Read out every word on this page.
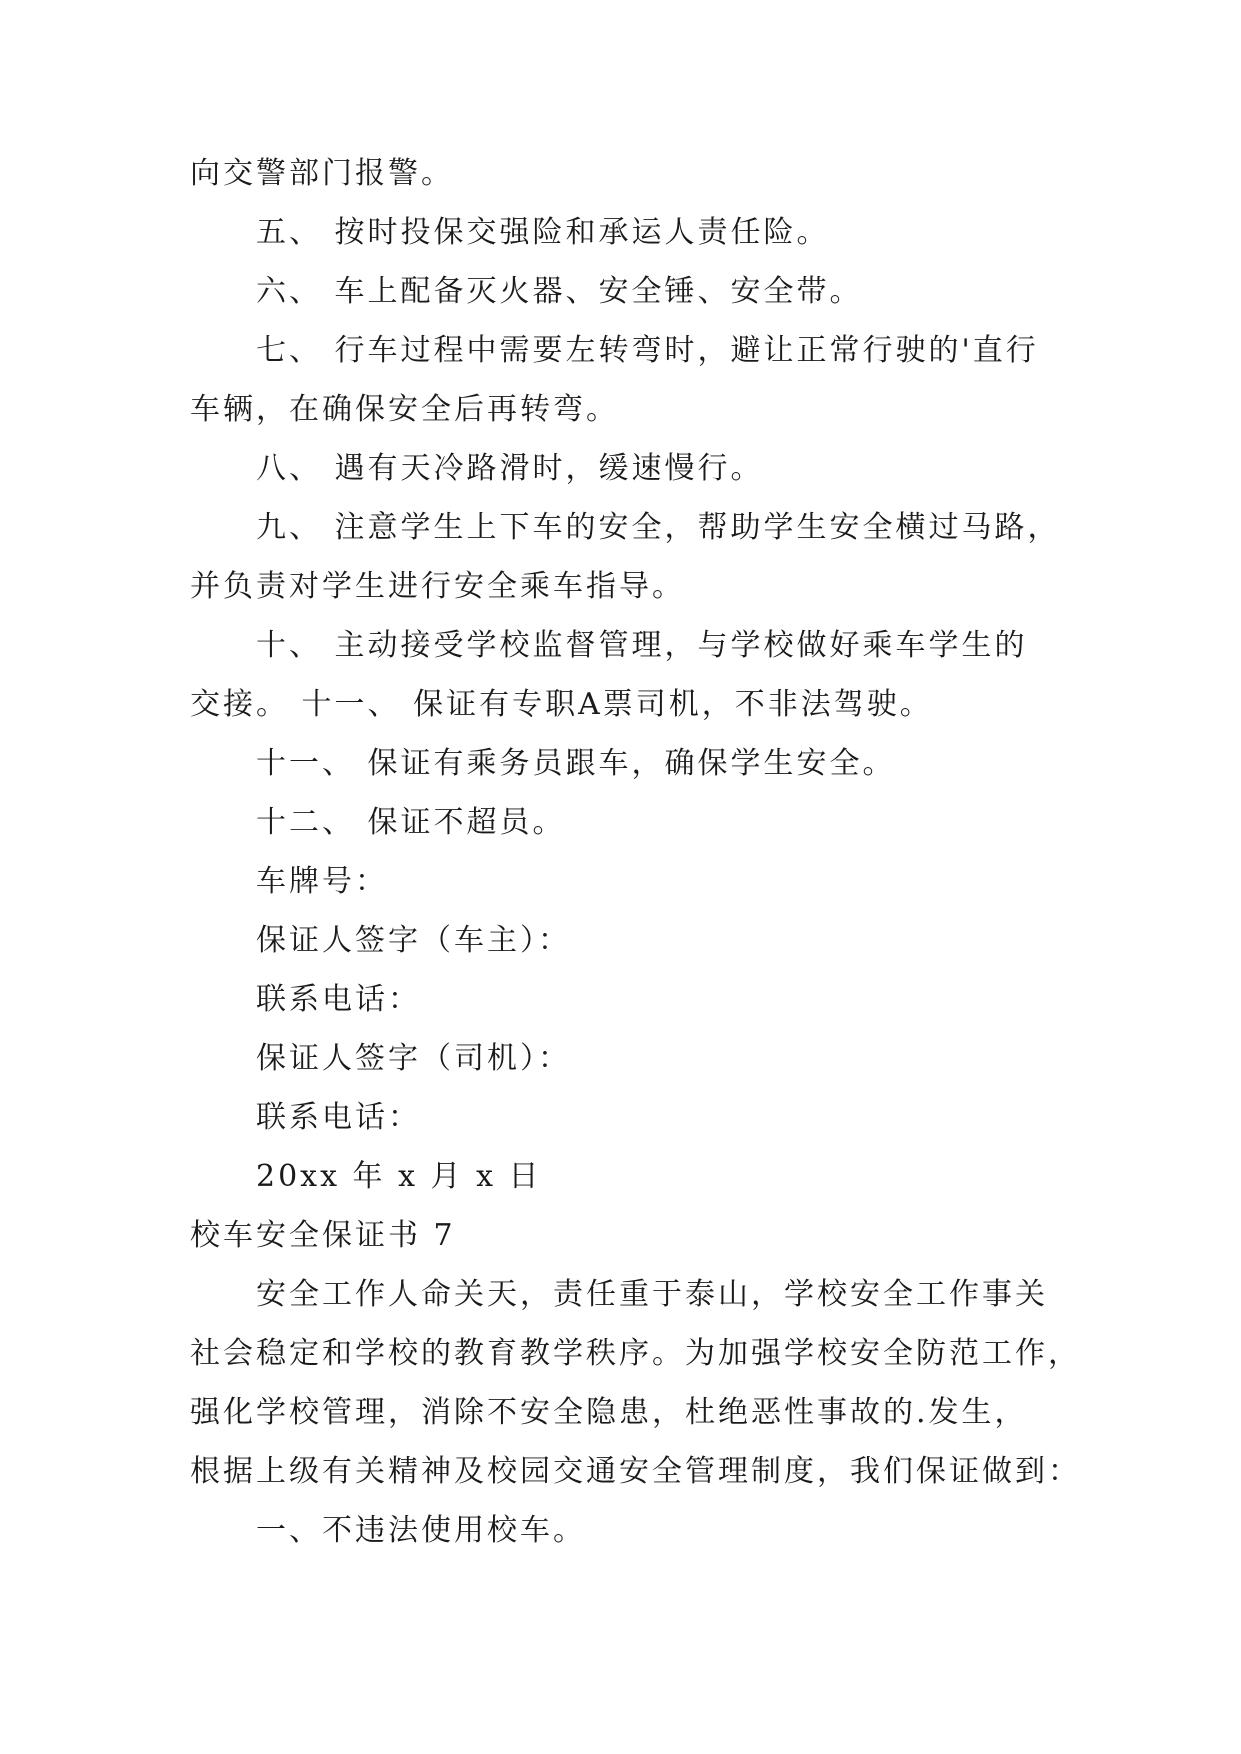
向交警部门报警。
五、 按时投保交强险和承运人责任险。
六、 车上配备灭火器、安全锤、安全带。
七、 行车过程中需要左转弯时，避让正常行驶的'直行
车辆，在确保安全后再转弯。
八、 遇有天冷路滑时，缓速慢行。
九、 注意学生上下车的安全，帮助学生安全横过马路，
并负责对学生进行安全乘车指导。
十、 主动接受学校监督管理，与学校做好乘车学生的
交接。 十一、 保证有专职A票司机，不非法驾驶。
十一、 保证有乘务员跟车，确保学生安全。
十二、 保证不超员。
车牌号：
保证人签字（车主）：
联系电话：
保证人签字（司机）：
联系电话：
20xx 年 x 月 x 日
校车安全保证书 7
安全工作人命关天，责任重于泰山，学校安全工作事关
社会稳定和学校的教育教学秩序。为加强学校安全防范工作，
强化学校管理，消除不安全隐患，杜绝恶性事故的.发生，
根据上级有关精神及校园交通安全管理制度，我们保证做到：
一、不违法使用校车。
